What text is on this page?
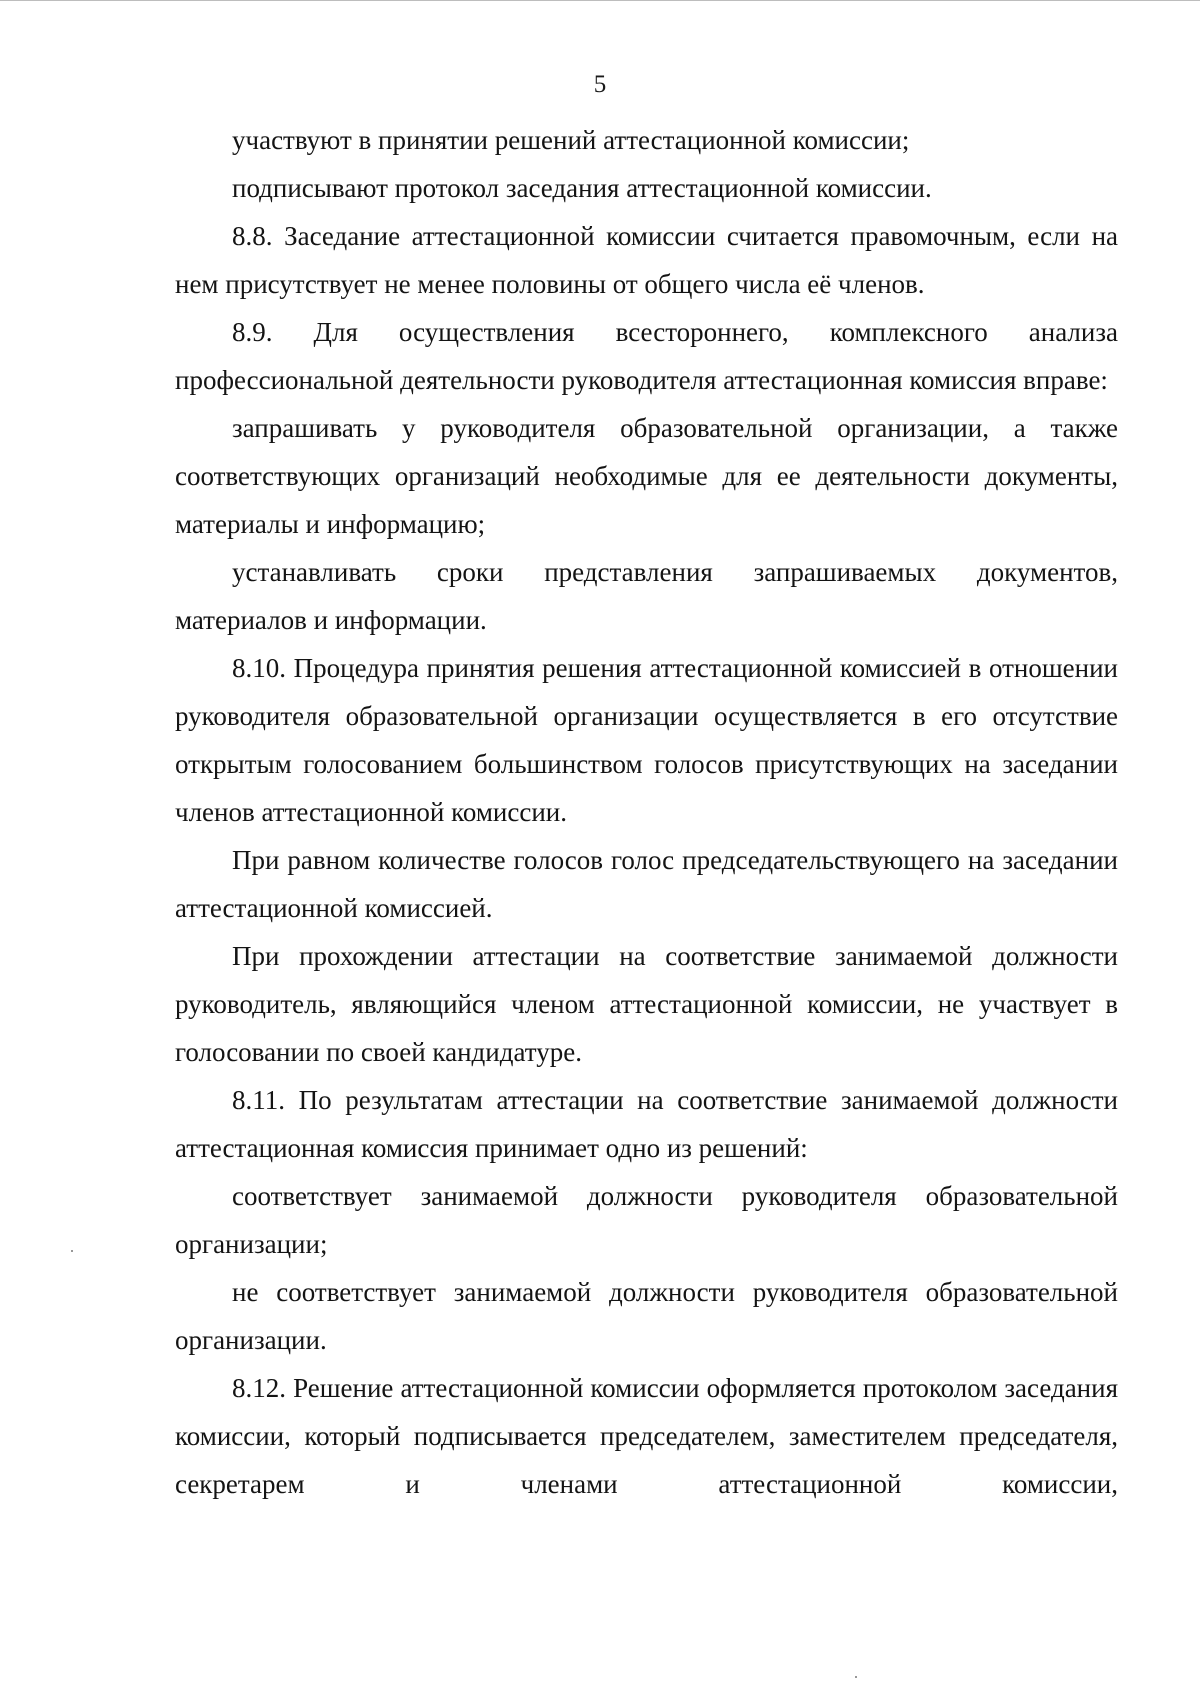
5

участвуют в принятии решений аттестационной комиссии;

подписывают протокол заседания аттестационной комиссии.

8.8. Заседание аттестационной комиссии считается правомочным, если на нем присутствует не менее половины от общего числа её членов.

8.9. Для осуществления всестороннего, комплексного анализа профессиональной деятельности руководителя аттестационная комиссия вправе:

запрашивать у руководителя образовательной организации, а также соответствующих организаций необходимые для ее деятельности документы, материалы и информацию;

устанавливать сроки представления запрашиваемых документов, материалов и информации.

8.10. Процедура принятия решения аттестационной комиссией в отношении руководителя образовательной организации осуществляется в его отсутствие открытым голосованием большинством голосов присутствующих на заседании членов аттестационной комиссии.

При равном количестве голосов голос председательствующего на заседании аттестационной комиссией.

При прохождении аттестации на соответствие занимаемой должности руководитель, являющийся членом аттестационной комиссии, не участвует в голосовании по своей кандидатуре.

8.11. По результатам аттестации на соответствие занимаемой должности аттестационная комиссия принимает одно из решений:

соответствует занимаемой должности руководителя образовательной организации;

не соответствует занимаемой должности руководителя образовательной организации.

8.12. Решение аттестационной комиссии оформляется протоколом заседания комиссии, который подписывается председателем, заместителем председателя, секретарем и членами аттестационной комиссии,
